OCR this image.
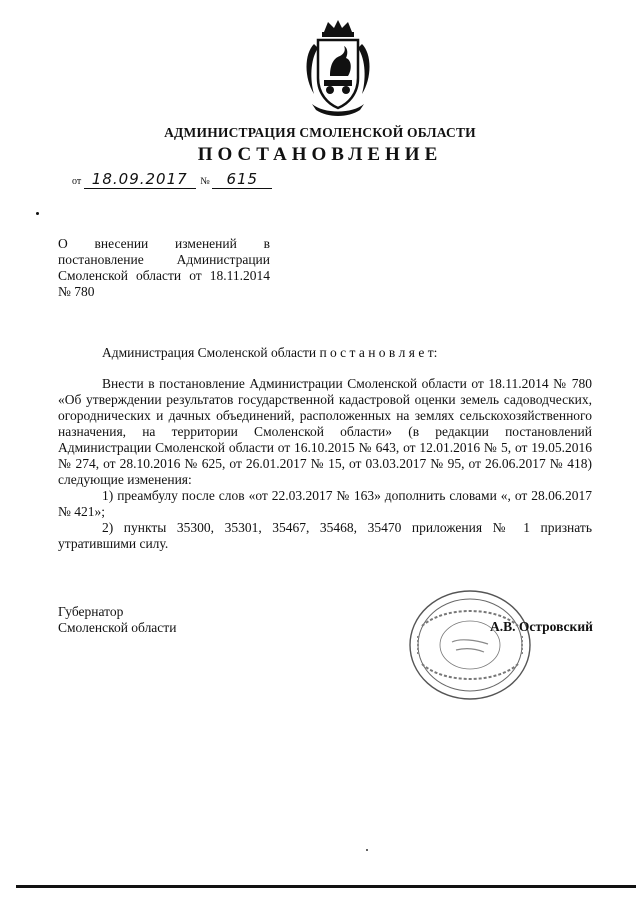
АДМИНИСТРАЦИЯ СМОЛЕНСКОЙ ОБЛАСТИ
ПОСТАНОВЛЕНИЕ
от 18.09.2017 № 615
О внесении изменений в постановление Администрации Смоленской области от 18.11.2014 № 780
Администрация Смоленской области п о с т а н о в л я е т:

Внести в постановление Администрации Смоленской области от 18.11.2014 № 780 «Об утверждении результатов государственной кадастровой оценки земель садоводческих, огороднических и дачных объединений, расположенных на землях сельскохозяйственного назначения, на территории Смоленской области» (в редакции постановлений Администрации Смоленской области от 16.10.2015 № 643, от 12.01.2016 № 5, от 19.05.2016 № 274, от 28.10.2016 № 625, от 26.01.2017 № 15, от 03.03.2017 № 95, от 26.06.2017 № 418) следующие изменения:

1) преамбулу после слов «от 22.03.2017 № 163» дополнить словами «, от 28.06.2017 № 421»;

2) пункты 35300, 35301, 35467, 35468, 35470 приложения № 1 признать утратившими силу.

Губернатор
Смоленской области	А.В. Островский
